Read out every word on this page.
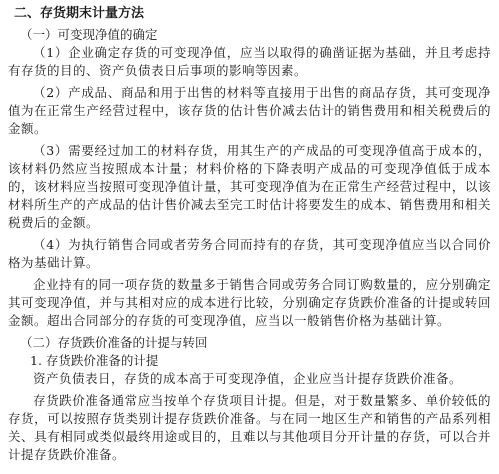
二、存货期末计量方法
（一）可变现净值的确定

（1）企业确定存货的可变现净值，应当以取得的确凿证据为基础，并且考虑持有存货的目的、资产负债表日后事项的影响等因素。

（2）产成品、商品和用于出售的材料等直接用于出售的商品存货，其可变现净值为在正常生产经营过程中，该存货的估计售价减去估计的销售费用和相关税费后的金额。

（3）需要经过加工的材料存货，用其生产的产成品的可变现净值高于成本的，该材料仍然应当按照成本计量；材料价格的下降表明产成品的可变现净值低于成本的，该材料应当按照可变现净值计量，其可变现净值为在正常生产经营过程中，以该材料所生产的产成品的估计售价减去至完工时估计将要发生的成本、销售费用和相关税费后的金额。

（4）为执行销售合同或者劳务合同而持有的存货，其可变现净值应当以合同价格为基础计算。

企业持有的同一项存货的数量多于销售合同或劳务合同订购数量的，应分别确定其可变现净值，并与其相对应的成本进行比较，分别确定存货跌价准备的计提或转回金额。超出合同部分的存货的可变现净值，应当以一般销售价格为基础计算。

（二）存货跌价准备的计提与转回
1. 存货跌价准备的计提

资产负债表日，存货的成本高于可变现净值，企业应当计提存货跌价准备。

存货跌价准备通常应当按单个存货项目计提。但是，对于数量繁多、单价较低的存货，可以按照存货类别计提存货跌价准备。与在同一地区生产和销售的产品系列相关、具有相同或类似最终用途或目的，且难以与其他项目分开计量的存货，可以合并计提存货跌价准备。
